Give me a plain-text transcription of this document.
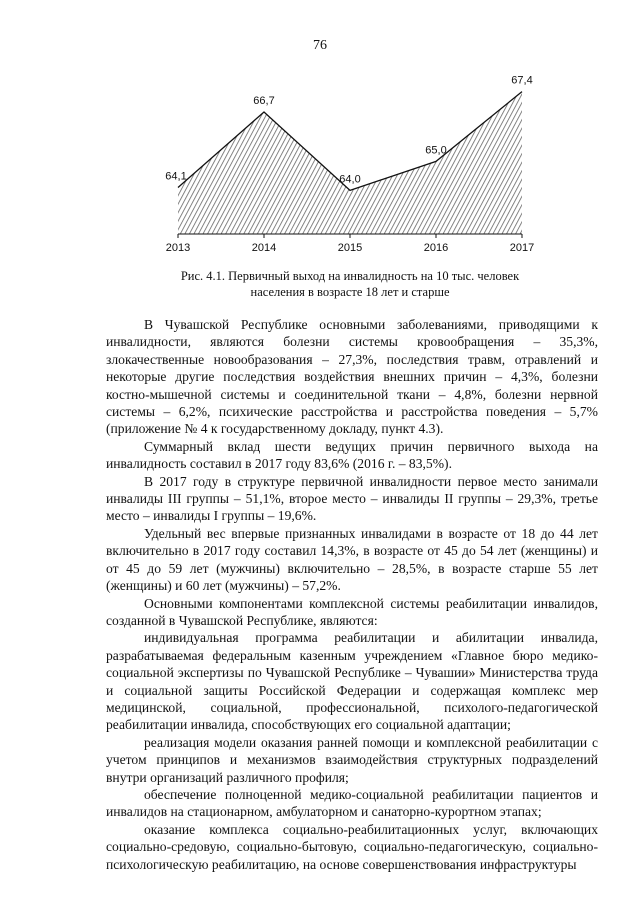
76
64,1
66,7
64,0
65,0
67,4
2013	2014	2015	2016	2017
Рис. 4.1. Первичный выход на инвалидность на 10 тыс. человек
населения в возрасте 18 лет и старше

В Чувашской Республике основными заболеваниями, приводящими к инвалидности, являются болезни системы кровообращения – 35,3%, злокачественные новообразования – 27,3%, последствия травм, отравлений и некоторые другие последствия воздействия внешних причин – 4,3%, болезни костно-мышечной системы и соединительной ткани – 4,8%, болезни нервной системы – 6,2%, психические расстройства и расстройства поведения – 5,7% (приложение № 4 к государственному докладу, пункт 4.3).

Суммарный вклад шести ведущих причин первичного выхода на инвалидность составил в 2017 году 83,6% (2016 г. – 83,5%).

В 2017 году в структуре первичной инвалидности первое место занимали инвалиды III группы – 51,1%, второе место – инвалиды II группы – 29,3%, третье место – инвалиды I группы – 19,6%.

Удельный вес впервые признанных инвалидами в возрасте от 18 до 44 лет включительно в 2017 году составил 14,3%, в возрасте от 45 до 54 лет (женщины) и от 45 до 59 лет (мужчины) включительно – 28,5%, в возрасте старше 55 лет (женщины) и 60 лет (мужчины) – 57,2%.

Основными компонентами комплексной системы реабилитации инвалидов, созданной в Чувашской Республике, являются:

индивидуальная программа реабилитации и абилитации инвалида, разрабатываемая федеральным казенным учреждением «Главное бюро медико-социальной экспертизы по Чувашской Республике – Чувашии» Министерства труда и социальной защиты Российской Федерации и содержащая комплекс мер медицинской, социальной, профессиональной, психолого-педагогической реабилитации инвалида, способствующих его социальной адаптации;

реализация модели оказания ранней помощи и комплексной реабилитации с учетом принципов и механизмов взаимодействия структурных подразделений внутри организаций различного профиля;

обеспечение полноценной медико-социальной реабилитации пациентов и инвалидов на стационарном, амбулаторном и санаторно-курортном этапах;

оказание комплекса социально-реабилитационных услуг, включающих социально-средовую, социально-бытовую, социально-педагогическую, социально-психологическую реабилитацию, на основе совершенствования инфраструктуры
